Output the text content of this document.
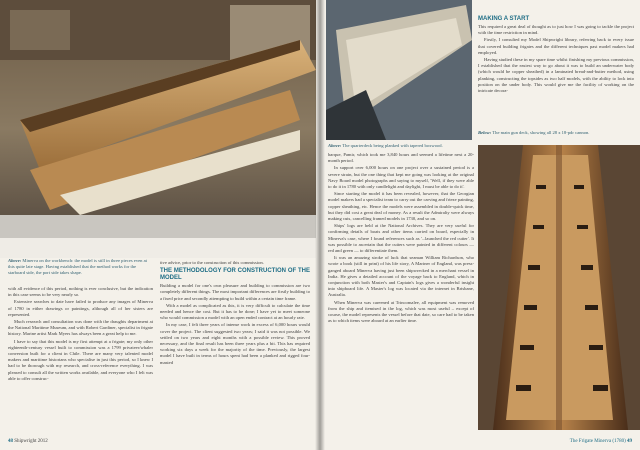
Above: Minerva on the workbench: the model is still in three pieces even at this quite late stage. Having established that the method works for the starboard side, the port side takes shape.

with all evidence of this period, nothing is ever conclusive, but the indication in this case seems to be very nearly so.

Extensive searches to date have failed to produce any images of Minerva of 1780 in either drawings or paintings, although all of her sisters are represented.

Much research and consultation was done with the draughts department at the National Maritime Museum, and with Robert Gardiner, specialist in frigate history. Marine artist Mark Myers has always been a great help to me.

I have to say that this model is my first attempt at a frigate; my only other eighteenth-century vessel built to commission was a 1799 privateer/whaler conversion built for a client in Chile. There are many very talented model makers and maritime historians who specialise in just this period, so I knew I had to be thorough with my research, and cross-reference everything. I was pleased to consult all the written works available, and everyone who I felt was able to offer construc-

tive advice, prior to the construction of this commission.

THE METHODOLOGY FOR CONSTRUCTION OF THE MODEL

Building a model for one's own pleasure and building to commission are two completely different things. The most important differences are firstly building to a fixed price and secondly attempting to build within a certain time frame.

With a model as complicated as this, it is very difficult to calculate the time needed and hence the cost. But it has to be done; I have yet to meet someone who would commission a model with an open ended contract at an hourly rate.

In my case, I felt three years of intense work in excess of 6,000 hours would cover the project. The client suggested two years; I said it was not possible. We settled on two years and eight months with a possible review. This proved necessary, and the final result has been three years plus a bit. This has required working six days a week for the majority of the time. Previously, the largest model I have built in terms of hours spent had been a planked and rigged four-masted

48 Shipwright 2012
Above: The quarterdeck being planked with tapered boxwood.

barque, Pamir, which took me 3,840 hours and seemed a lifetime next a 20-month period.

In support over 6,000 hours on one project over a sustained period is a severe strain, but the one thing that kept me going was looking at the original Navy Board model photographs and saying to myself, 'Well, if they were able to do it in 1780 with only candlelight and daylight, I must be able to do it'.

Since starting the model it has been revealed, however, that the Georgian model makers had a specialist team to carry out the carving and frieze painting, copper sheathing, etc. Hence the models were assembled in double-quick time, but they did cost a great deal of money. As a result the Admiralty were always making cuts, cancelling framed models in 1730, and so on.

Ships' logs are held at the National Archives. They are very useful for confirming details of boats and other items carried on board, especially in Minerva's case, where I found references such as '...launched the red cutter'. It was possible to ascertain that the cutters were painted in different colours — red and green — to differentiate them.

It was an amazing stroke of luck that seaman William Richardson, who wrote a book (still in print) of his life story, A Mariner of England, was press-ganged aboard Minerva having just been shipwrecked in a merchant vessel in India. He gives a detailed account of the voyage back to England, which in conjunction with both Master's and Captain's logs gives a wonderful insight into shipboard life. A Master's log was located via the internet in Brisbane, Australia.

When Minerva was careened at Trincomalee, all equipment was removed from the ship and itemised in the log, which was most useful – except of course, the model represents the vessel before that date, so care had to be taken as to which items were aboard at an earlier time.

MAKING A START

This required a great deal of thought as to just how I was going to tackle the project with the time restriction in mind.

Firstly, I consulted my Model Shipwright library, referring back to every issue that covered building frigates and the different techniques past model makers had employed.

Having studied these in my spare time whilst finishing my previous commission, I established that the easiest way to go about it was to build an underwater body (which would be copper sheathed) in a laminated bread-and-butter method, using planking, constructing the topsides as two half models, with the ability to lock into position on the under body. This would give me the facility of working on the intricate decora-

Below: The main gun deck, showing all 28 x 18-pdr cannon.
The Frigate Minerva (1780) 49
